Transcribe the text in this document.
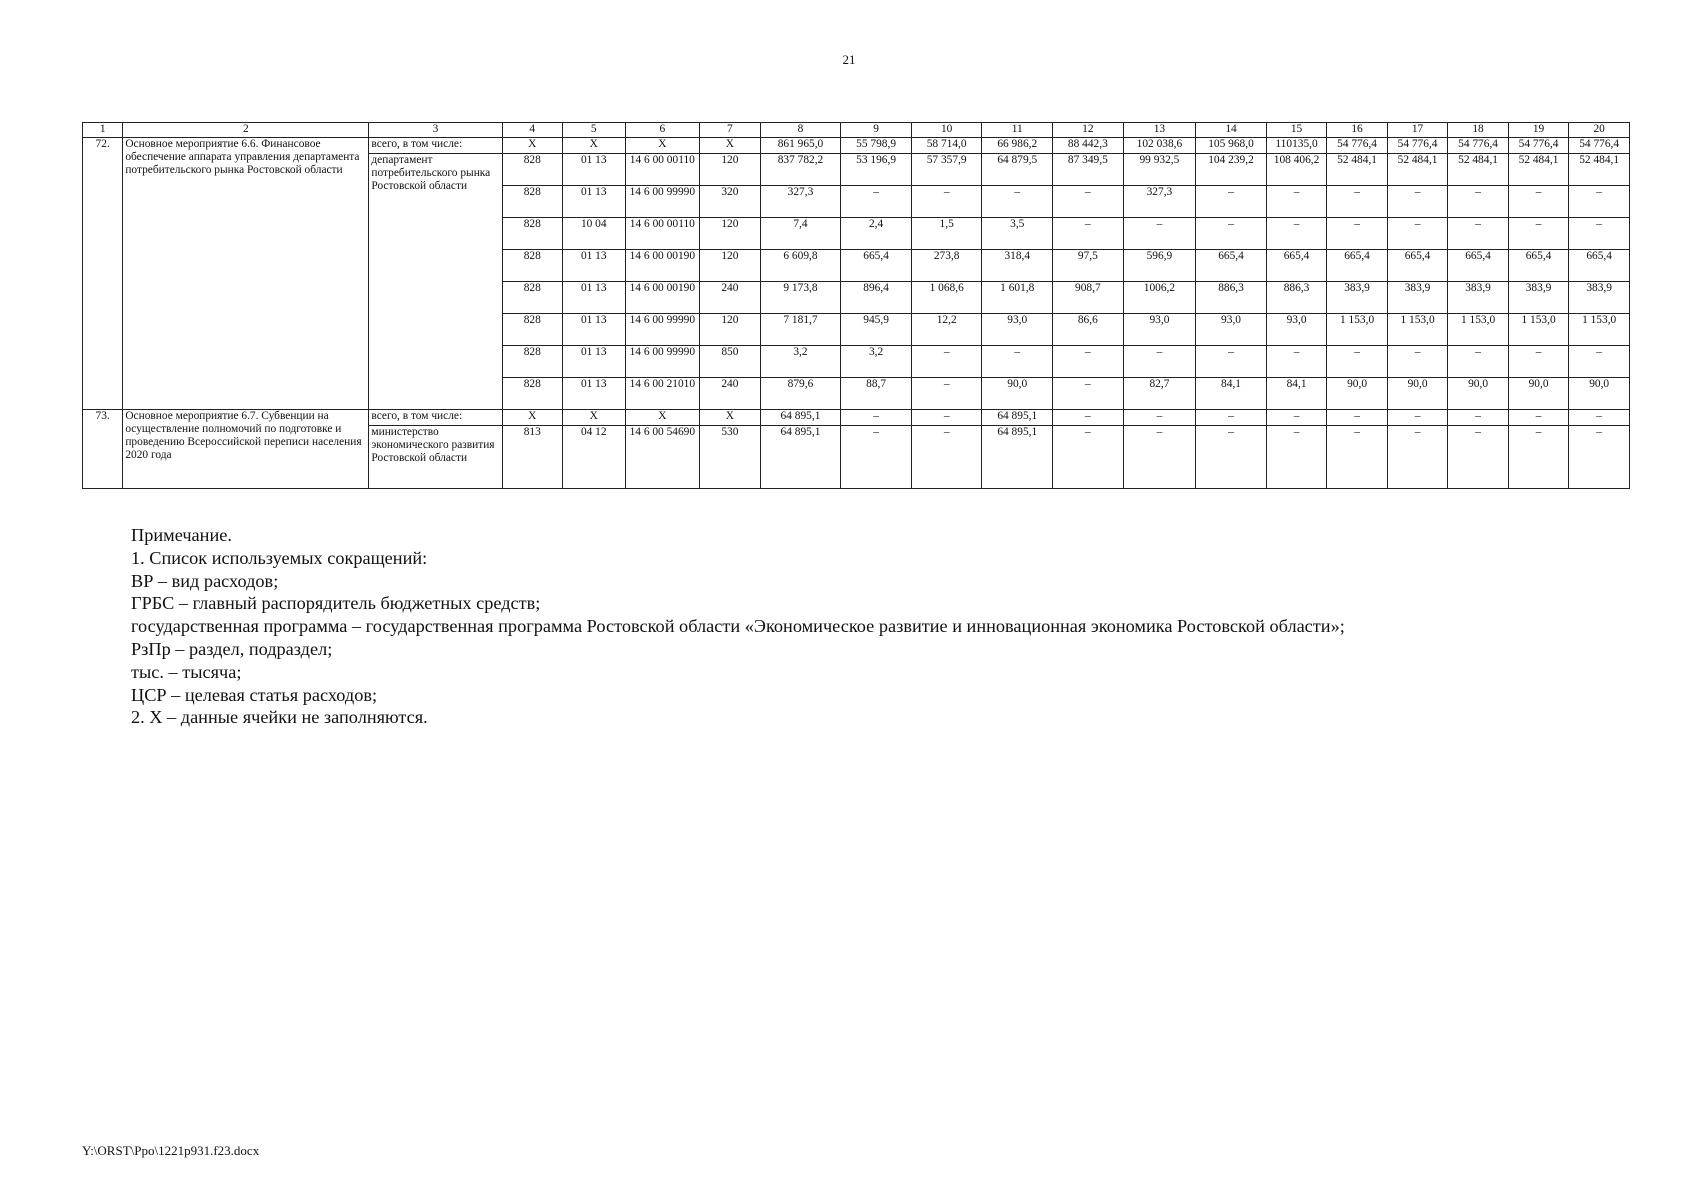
21
1	2	3	4	5	6	7	8	9	10	11	12	13	14	15	16	17	18	19	20
72.	Основное мероприятие 6.6. Финансовое обеспечение аппарата управления департамента потребительского рынка Ростовской области	всего, в том числе:	X	X	X	X	861 965,0	55 798,9	58 714,0	66 986,2	88 442,3	102 038,6	105 968,0	110135,0	54 776,4	54 776,4	54 776,4	54 776,4	54 776,4
		департамент потребительского рынка Ростовской области	828	01 13	14 6 00 00110	120	837 782,2	53 196,9	57 357,9	64 879,5	87 349,5	99 932,5	104 239,2	108 406,2	52 484,1	52 484,1	52 484,1	52 484,1	52 484,1
			828	01 13	14 6 00 99990	320	327,3	–	–	–	–	327,3	–	–	–	–	–	–	–
			828	10 04	14 6 00 00110	120	7,4	2,4	1,5	3,5	–	–	–	–	–	–	–	–	–
			828	01 13	14 6 00 00190	120	6 609,8	665,4	273,8	318,4	97,5	596,9	665,4	665,4	665,4	665,4	665,4	665,4	665,4
			828	01 13	14 6 00 00190	240	9 173,8	896,4	1 068,6	1 601,8	908,7	1006,2	886,3	886,3	383,9	383,9	383,9	383,9	383,9
			828	01 13	14 6 00 99990	120	7 181,7	945,9	12,2	93,0	86,6	93,0	93,0	93,0	1 153,0	1 153,0	1 153,0	1 153,0	1 153,0
			828	01 13	14 6 00 99990	850	3,2	3,2	–	–	–	–	–	–	–	–	–	–	–
			828	01 13	14 6 00 21010	240	879,6	88,7	–	90,0	–	82,7	84,1	84,1	90,0	90,0	90,0	90,0	90,0
73.	Основное мероприятие 6.7. Субвенции на осуществление полномочий по подготовке и проведению Всероссийской переписи населения 2020 года	всего, в том числе:	X	X	X	X	64 895,1	–	–	64 895,1	–	–	–	–	–	–	–	–	–
		министерство экономического развития Ростовской области	813	04 12	14 6 00 54690	530	64 895,1	–	–	64 895,1	–	–	–	–	–	–	–	–	–
Примечание.
1. Список используемых сокращений:
ВР – вид расходов;
ГРБС – главный распорядитель бюджетных средств;
государственная программа – государственная программа Ростовской области «Экономическое развитие и инновационная экономика Ростовской области»;
РзПр – раздел, подраздел;
тыс. – тысяча;
ЦСР – целевая статья расходов;
2. Х – данные ячейки не заполняются.
Y:\ORST\Ppo\1221p931.f23.docx
